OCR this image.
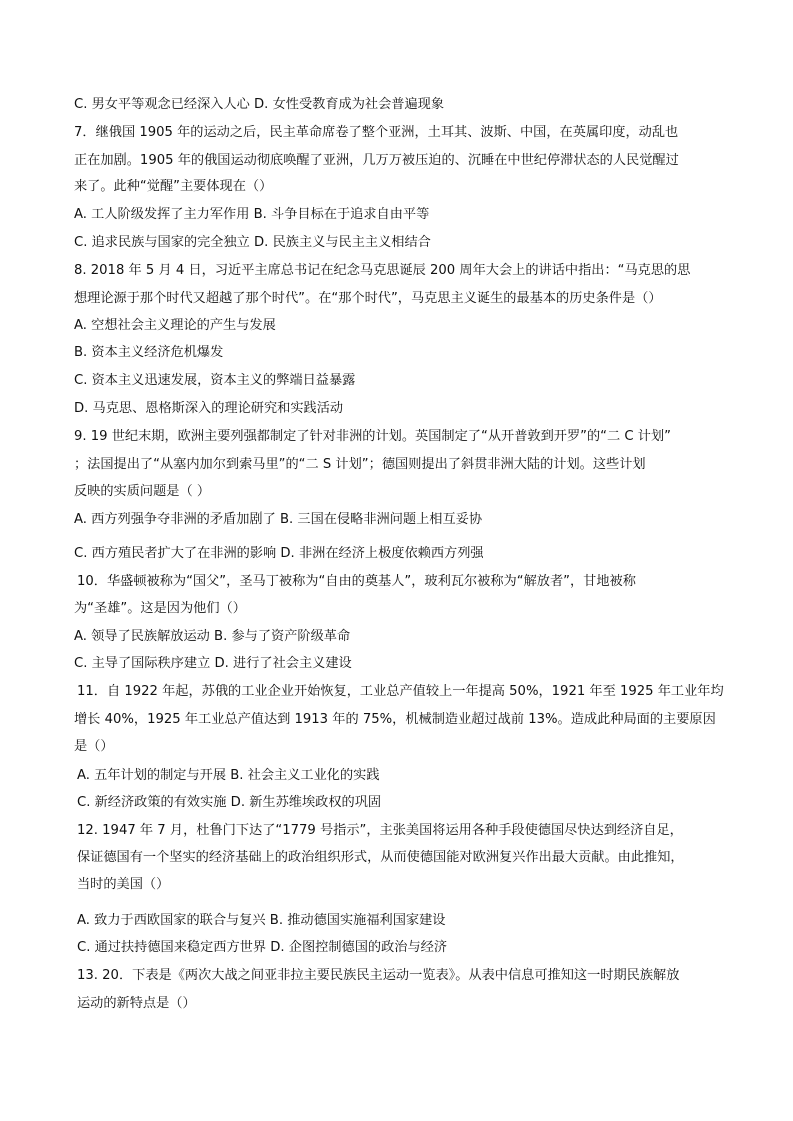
C. 男女平等观念已经深入人心 D. 女性受教育成为社会普遍现象
7．继俄国 1905 年的运动之后，民主革命席卷了整个亚洲，土耳其、波斯、中国，在英属印度，动乱也
正在加剧。1905 年的俄国运动彻底唤醒了亚洲，几万万被压迫的、沉睡在中世纪停滞状态的人民觉醒过
来了。此种“觉醒”主要体现在（）
A. 工人阶级发挥了主力军作用 B. 斗争目标在于追求自由平等
C. 追求民族与国家的完全独立 D. 民族主义与民主主义相结合
8. 2018 年 5 月 4 日，习近平主席总书记在纪念马克思诞辰 200 周年大会上的讲话中指出：“马克思的思
想理论源于那个时代又超越了那个时代”。在“那个时代”，马克思主义诞生的最基本的历史条件是（）
A. 空想社会主义理论的产生与发展
B. 资本主义经济危机爆发
C. 资本主义迅速发展，资本主义的弊端日益暴露
D. 马克思、恩格斯深入的理论研究和实践活动
9. 19 世纪末期，欧洲主要列强都制定了针对非洲的计划。英国制定了“从开普敦到开罗”的“二 C 计划”
；法国提出了“从塞内加尔到索马里”的“二 S 计划”；德国则提出了斜贯非洲大陆的计划。这些计划
反映的实质问题是（ ）
A. 西方列强争夺非洲的矛盾加剧了 B. 三国在侵略非洲问题上相互妥协
C. 西方殖民者扩大了在非洲的影响 D. 非洲在经济上极度依赖西方列强
10．华盛顿被称为“国父”，圣马丁被称为“自由的奠基人”，玻利瓦尔被称为“解放者”，甘地被称
为“圣雄”。这是因为他们（）
A. 领导了民族解放运动 B. 参与了资产阶级革命
C. 主导了国际秩序建立 D. 进行了社会主义建设
11．自 1922 年起，苏俄的工业企业开始恢复，工业总产值较上一年提高 50%，1921 年至 1925 年工业年均
增长 40%，1925 年工业总产值达到 1913 年的 75%，机械制造业超过战前 13%。造成此种局面的主要原因
是（）
A. 五年计划的制定与开展 B. 社会主义工业化的实践
C. 新经济政策的有效实施 D. 新生苏维埃政权的巩固
12. 1947 年 7 月，杜鲁门下达了“1779 号指示”，主张美国将运用各种手段使德国尽快达到经济自足，
保证德国有一个坚实的经济基础上的政治组织形式，从而使德国能对欧洲复兴作出最大贡献。由此推知，
当时的美国（）
A. 致力于西欧国家的联合与复兴 B. 推动德国实施福利国家建设
C. 通过扶持德国来稳定西方世界 D. 企图控制德国的政治与经济
13. 20．下表是《两次大战之间亚非拉主要民族民主运动一览表》。从表中信息可推知这一时期民族解放
运动的新特点是（）
